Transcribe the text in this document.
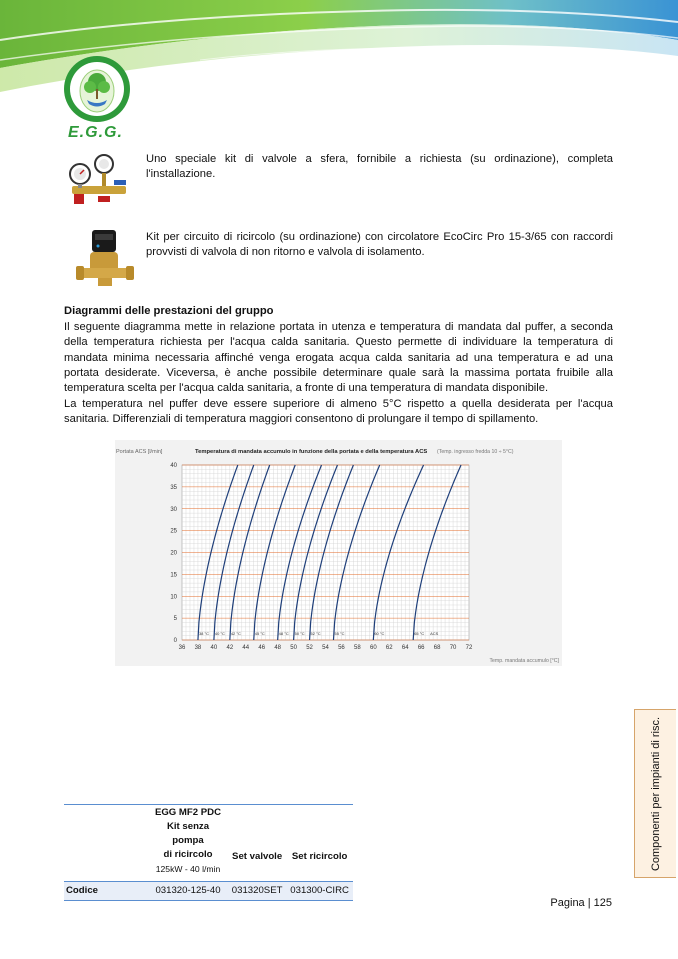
E.G.G.
Uno speciale kit di valvole a sfera, fornibile a richiesta (su ordinazione), completa l'installazione.
Kit per circuito di ricircolo (su ordinazione) con circolatore EcoCirc Pro 15-3/65 con raccordi provvisti di valvola di non ritorno e valvola di isolamento.
Diagrammi delle prestazioni del gruppo
Il seguente diagramma mette in relazione portata in utenza e temperatura di mandata dal puffer, a seconda della temperatura richiesta per l'acqua calda sanitaria. Questo permette di individuare la temperatura di mandata minima necessaria affinché venga erogata acqua calda sanitaria ad una temperatura e ad una portata desiderate. Viceversa, è anche possibile determinare quale sarà la massima portata fruibile alla temperatura scelta per l'acqua calda sanitaria, a fronte di una temperatura di mandata disponibile.
La temperatura nel puffer deve essere superiore di almeno 5°C rispetto a quella desiderata per l'acqua sanitaria. Differenziali di temperatura maggiori consentono di prolungare il tempo di spillamento.
Portata ACS [l/min]	Temperatura di mandata accumulo in funzione della portata e della temperatura ACS (Temp. ingresso fredda 10 ÷ 5°C)
Temp. mandata accumulo [°C]
36 38 40 42 44 46 48 50 52 54 56 58 60 62 64 66 68 70 72
0
5
10
15
20
25
30
35
40
38 °C 40 °C 42 °C	45 °C	48 °C 50 °C 52 °C	55 °C	60 °C	65 °C ACS
Componenti per impianti di risc.

	EGG MF2 PDC
Kit senza pompa
di ricircolo
125kW - 40 l/min	Set valvole	Set ricircolo

Codice	031320-125-40	031320SET	031300-CIRC
Pagina | 125
